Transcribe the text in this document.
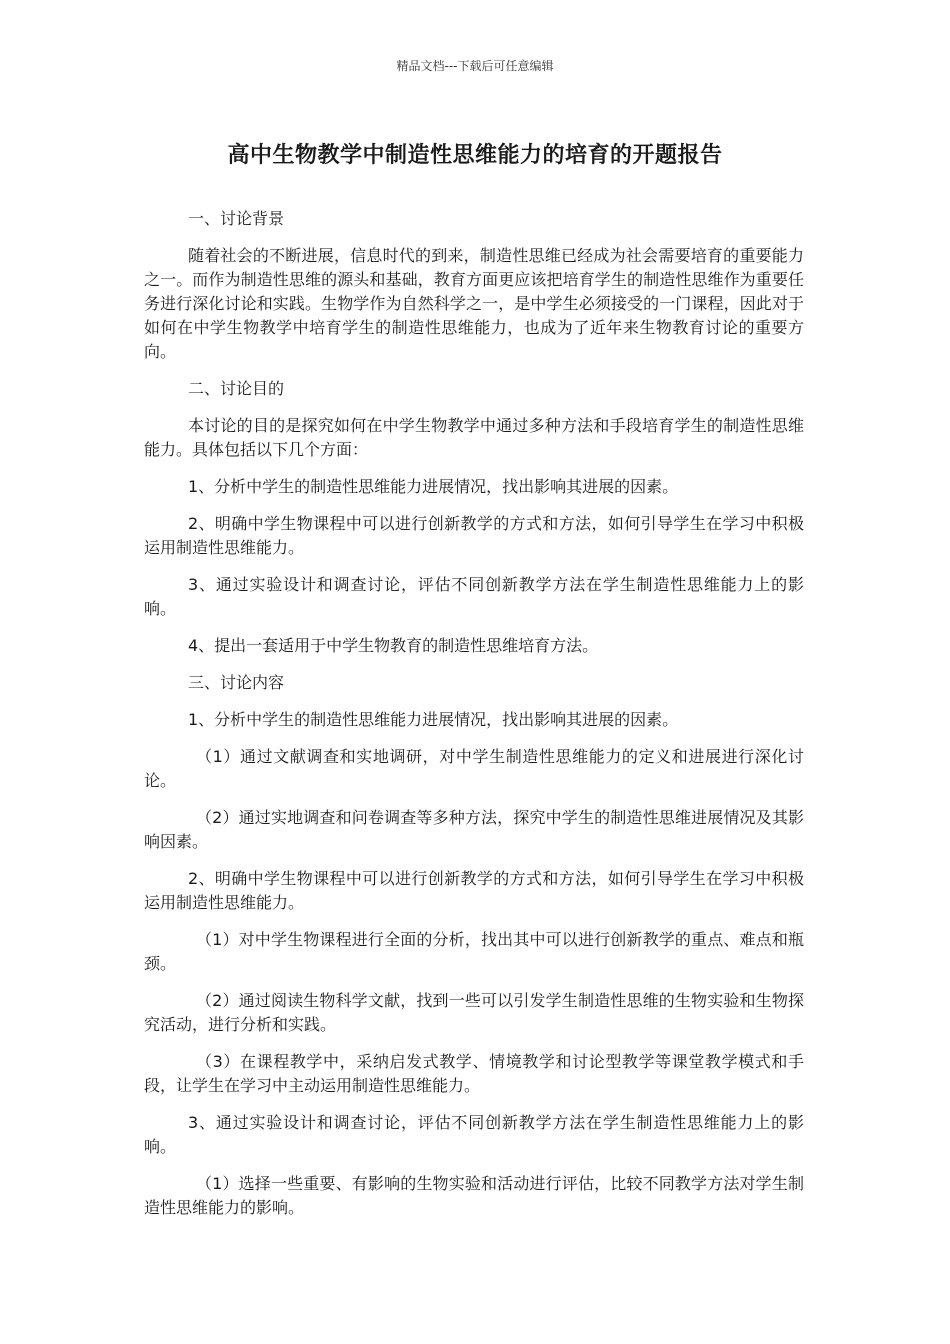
精品文档---下载后可任意编辑
高中生物教学中制造性思维能力的培育的开题报告

一、讨论背景

随着社会的不断进展，信息时代的到来，制造性思维已经成为社会需要培育的重要能力之一。而作为制造性思维的源头和基础，教育方面更应该把培育学生的制造性思维作为重要任务进行深化讨论和实践。生物学作为自然科学之一，是中学生必须接受的一门课程，因此对于如何在中学生物教学中培育学生的制造性思维能力，也成为了近年来生物教育讨论的重要方向。

二、讨论目的

本讨论的目的是探究如何在中学生物教学中通过多种方法和手段培育学生的制造性思维能力。具体包括以下几个方面：

1、分析中学生的制造性思维能力进展情况，找出影响其进展的因素。

2、明确中学生物课程中可以进行创新教学的方式和方法，如何引导学生在学习中积极运用制造性思维能力。

3、通过实验设计和调查讨论，评估不同创新教学方法在学生制造性思维能力上的影响。

4、提出一套适用于中学生物教育的制造性思维培育方法。

三、讨论内容

1、分析中学生的制造性思维能力进展情况，找出影响其进展的因素。

（1）通过文献调查和实地调研，对中学生制造性思维能力的定义和进展进行深化讨论。

（2）通过实地调查和问卷调查等多种方法，探究中学生的制造性思维进展情况及其影响因素。

2、明确中学生物课程中可以进行创新教学的方式和方法，如何引导学生在学习中积极运用制造性思维能力。

（1）对中学生物课程进行全面的分析，找出其中可以进行创新教学的重点、难点和瓶颈。

（2）通过阅读生物科学文献，找到一些可以引发学生制造性思维的生物实验和生物探究活动，进行分析和实践。

（3）在课程教学中，采纳启发式教学、情境教学和讨论型教学等课堂教学模式和手段，让学生在学习中主动运用制造性思维能力。

3、通过实验设计和调查讨论，评估不同创新教学方法在学生制造性思维能力上的影响。

（1）选择一些重要、有影响的生物实验和活动进行评估，比较不同教学方法对学生制造性思维能力的影响。
